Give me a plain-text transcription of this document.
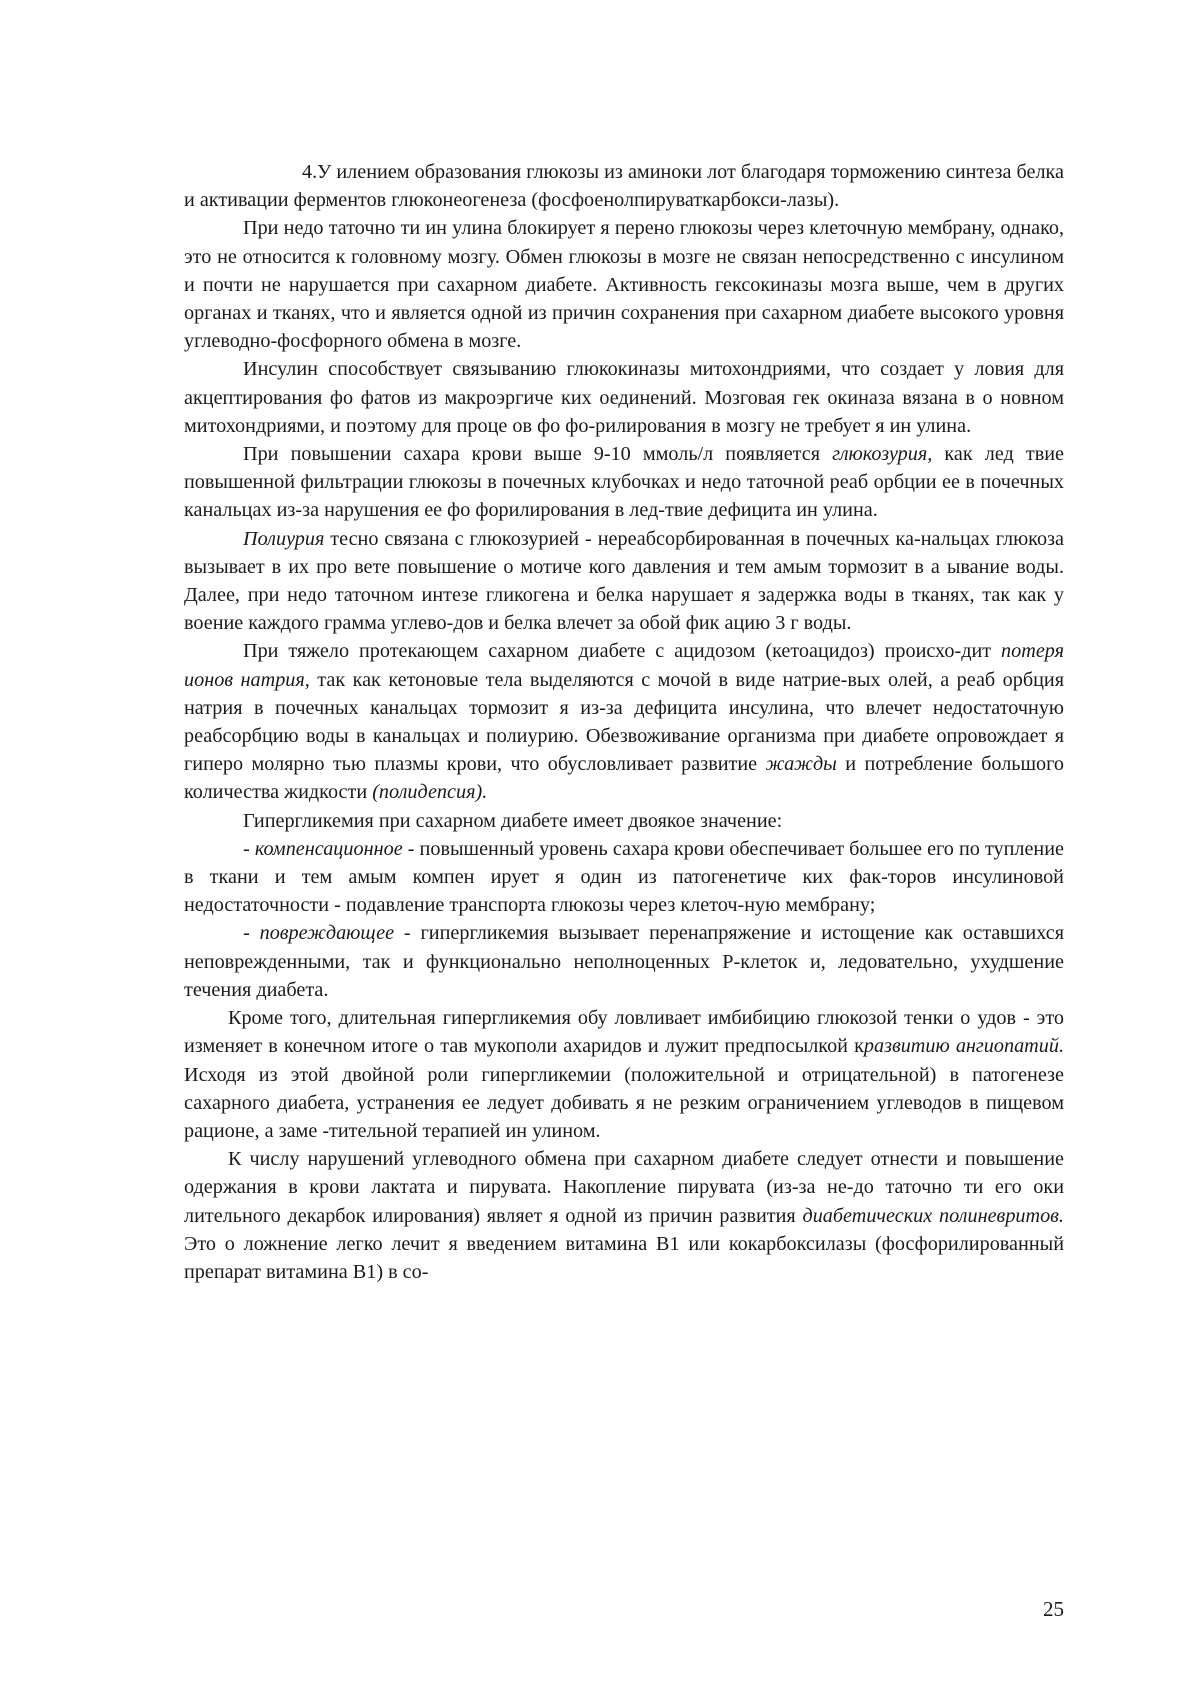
4.У илением образования глюкозы из аминоки лот благодаря торможению синтеза белка и активации ферментов глюконеогенеза (фосфоенолпируваткарбокси-лазы).

При недо таточно ти ин улина блокирует я перено глюкозы через клеточную мембрану, однако, это не относится к головному мозгу. Обмен глюкозы в мозге не связан непосредственно с инсулином и почти не нарушается при сахарном диабете. Активность гексокиназы мозга выше, чем в других органах и тканях, что и является одной из причин сохранения при сахарном диабете высокого уровня углеводно-фосфорного обмена в мозге.

Инсулин способствует связыванию глюкокиназы митохондриями, что создает у ловия для акцептирования фо фатов из макроэргиче ких оединений. Мозговая гек окиназа вязана в о новном митохондриями, и поэтому для проце ов фо фо-рилирования в мозгу не требует я ин улина.

При повышении сахара крови выше 9-10 ммоль/л появляется глюкозурия, как лед твие повышенной фильтрации глюкозы в почечных клубочках и недо таточной реаб орбции ее в почечных канальцах из-за нарушения ее фо форилирования в лед-твие дефицита ин улина.

Полиурия тесно связана с глюкозурией - нереабсорбированная в почечных ка-нальцах глюкоза вызывает в их про вете повышение о мотиче кого давления и тем амым тормозит в а ывание воды. Далее, при недо таточном интезе гликогена и белка нарушает я задержка воды в тканях, так как у воение каждого грамма углево-дов и белка влечет за обой фик ацию 3 г воды.

При тяжело протекающем сахарном диабете с ацидозом (кетоацидоз) происхо-дит потеря ионов натрия, так как кетоновые тела выделяются с мочой в виде натрие-вых олей, а реаб орбция натрия в почечных канальцах тормозит я из-за дефицита инсулина, что влечет недостаточную реабсорбцию воды в канальцах и полиурию. Обезвоживание организма при диабете опровождает я гиперо молярно тью плазмы крови, что обусловливает развитие жажды и потребление большого количества жидкости (полидепсия).

Гипергликемия при сахарном диабете имеет двоякое значение:

- компенсационное - повышенный уровень сахара крови обеспечивает большее его по тупление в ткани и тем амым компен ирует я один из патогенетиче ких фак-торов инсулиновой недостаточности - подавление транспорта глюкозы через клеточ-ную мембрану;

- повреждающее - гипергликемия вызывает перенапряжение и истощение как оставшихся неповрежденными, так и функционально неполноценных Р-клеток и, ледовательно, ухудшение течения диабета.

Кроме того, длительная гипергликемия обу ловливает имбибицию глюкозой тенки о удов - это изменяет в конечном итоге о тав мукополи ахаридов и лужит предпосылкой кразвитию ангиопатий. Исходя из этой двойной роли гипергликемии (положительной и отрицательной) в патогенезе сахарного диабета, устранения ее ледует добивать я не резким ограничением углеводов в пищевом рационе, а заме -тительной терапией ин улином.

К числу нарушений углеводного обмена при сахарном диабете следует отнести и повышение одержания в крови лактата и пирувата. Накопление пирувата (из-за не-до таточно ти его оки лительного декарбок илирования) являет я одной из причин развития диабетических полиневритов. Это о ложнение легко лечит я введением витамина В1 или кокарбоксилазы (фосфорилированный препарат витамина В1) в со-

25
